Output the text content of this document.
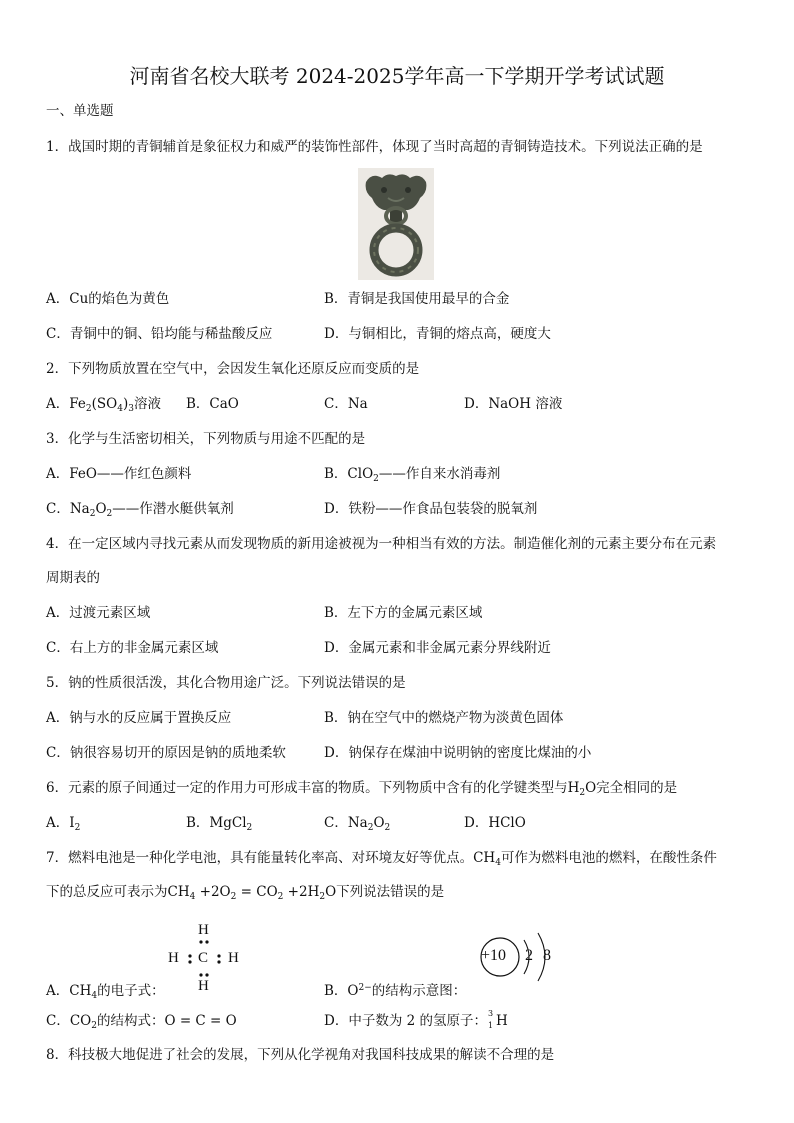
河南省名校大联考 2024-2025学年高一下学期开学考试试题
一、单选题
1．战国时期的青铜辅首是象征权力和威严的装饰性部件，体现了当时高超的青铜铸造技术。下列说法正确的是
A．Cu的焰色为黄色	B．青铜是我国使用最早的合金
C．青铜中的铜、铅均能与稀盐酸反应	D．与铜相比，青铜的熔点高，硬度大
2．下列物质放置在空气中，会因发生氧化还原反应而变质的是
A．$Fe_2(SO_4)_3$溶液 B．CaO	C．Na	D．NaOH 溶液
3．化学与生活密切相关，下列物质与用途不匹配的是
A．FeO——作红色颜料	B．ClO$_2$——作自来水消毒剂
C．$Na_2O_2——$作潜水艇供氧剂	D．铁粉——作食品包装袋的脱氧剂
4．在一定区域内寻找元素从而发现物质的新用途被视为一种相当有效的方法。制造催化剂的元素主要分布在元素
周期表的
A．过渡元素区域	B．左下方的金属元素区域
C．右上方的非金属元素区域	D．金属元素和非金属元素分界线附近
5．钠的性质很活泼，其化合物用途广泛。下列说法错误的是
A．钠与水的反应属于置换反应	B．钠在空气中的燃烧产物为淡黄色固体
C．钠很容易切开的原因是钠的质地柔软	D．钠保存在煤油中说明钠的密度比煤油的小
6．元素的原子间通过一定的作用力可形成丰富的物质。下列物质中含有的化学键类型与$H_2O$完全相同的是
A．$I_2$	B．MgCl$_2$	C．$Na_2O_2$	D．HClO
7．燃料电池是一种化学电池，具有能量转化率高、对环境友好等优点。$CH_4$可作为燃料电池的燃料，在酸性条件
下的总反应可表示为$CH_4 +2O_2 = CO_2 +2H_2O$下列说法错误的是
H
H C H
H
+10 2 8
A．$CH_4$的电子式：	B．$O^{2-}$的结构示意图：
C．$CO_2$的结构式：O = C = O	D．中子数为 2 的氢原子： 3
1 H
8．科技极大地促进了社会的发展，下列从化学视角对我国科技成果的解读不合理的是
